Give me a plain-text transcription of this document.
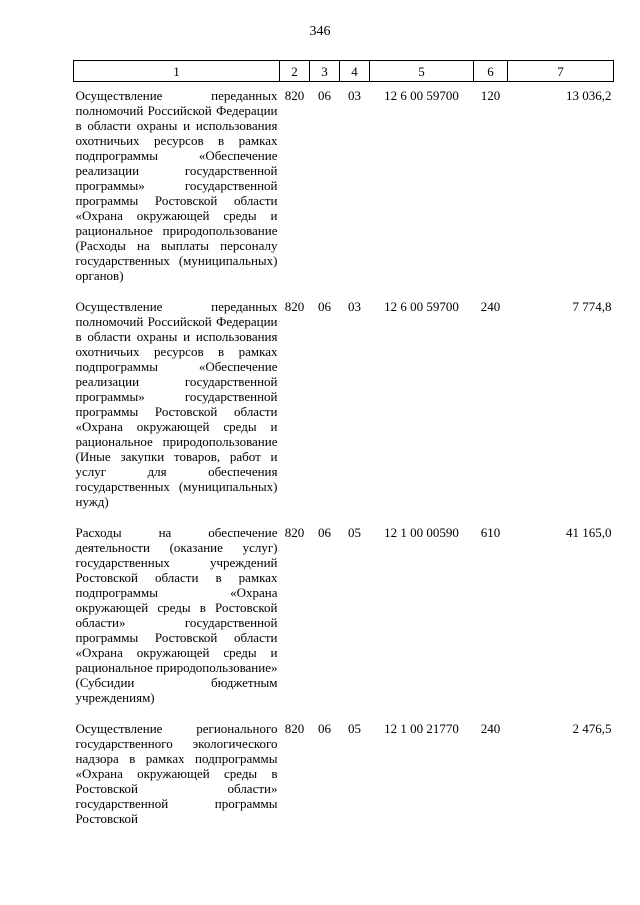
346
1	2	3	4	5	6	7
Осуществление переданных полномочий Российской Федерации в области охраны и использования охотничьих ресурсов в рамках подпрограммы «Обеспечение реализации государственной программы» государственной программы Ростовской области «Охрана окружающей среды и рациональное природопользование (Расходы на выплаты персоналу государственных (муниципальных) органов)	820	06	03	12 6 00 59700	120	13 036,2
Осуществление переданных полномочий Российской Федерации в области охраны и использования охотничьих ресурсов в рамках подпрограммы «Обеспечение реализации государственной программы» государственной программы Ростовской области «Охрана окружающей среды и рациональное природопользование (Иные закупки товаров, работ и услуг для обеспечения государственных (муниципальных) нужд)	820	06	03	12 6 00 59700	240	7 774,8
Расходы на обеспечение деятельности (оказание услуг) государственных учреждений Ростовской области в рамках подпрограммы «Охрана окружающей среды в Ростовской области» государственной программы Ростовской области «Охрана окружающей среды и рациональное природопользование» (Субсидии бюджетным учреждениям)	820	06	05	12 1 00 00590	610	41 165,0
Осуществление регионального государственного экологического надзора в рамках подпрограммы «Охрана окружающей среды в Ростовской области» государственной программы Ростовской	820	06	05	12 1 00 21770	240	2 476,5
